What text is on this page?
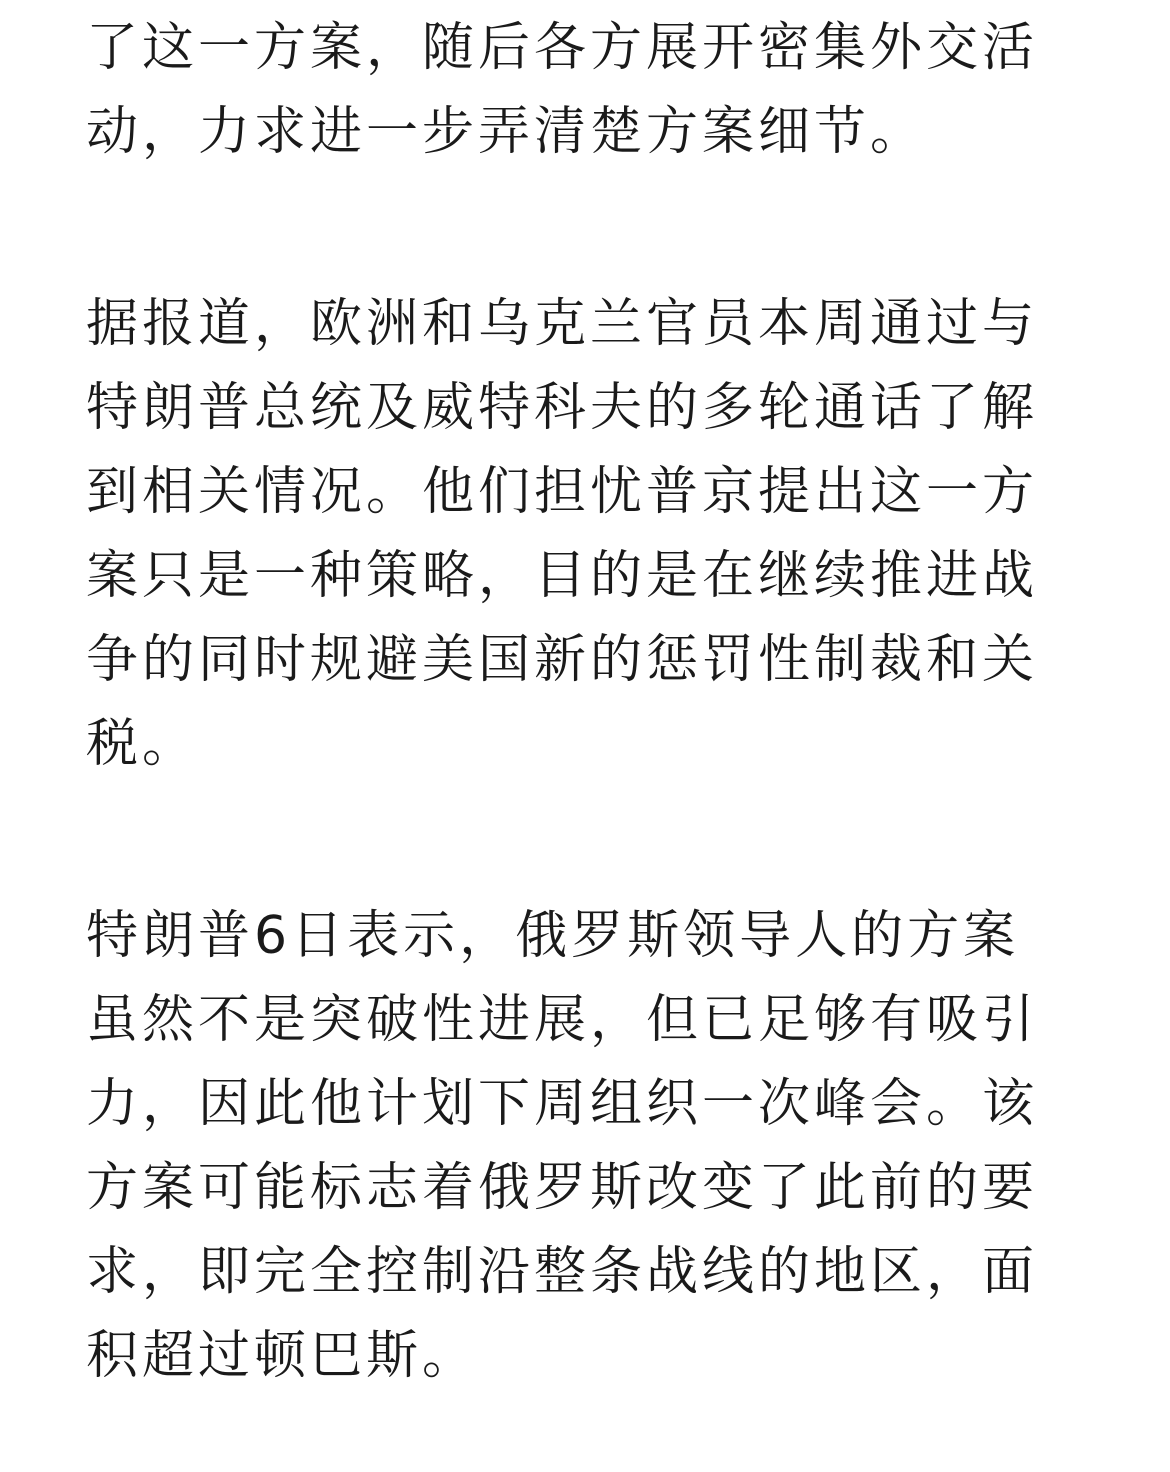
了这一方案，随后各方展开密集外交活
动，力求进一步弄清楚方案细节。
据报道，欧洲和乌克兰官员本周通过与
特朗普总统及威特科夫的多轮通话了解
到相关情况。他们担忧普京提出这一方
案只是一种策略，目的是在继续推进战
争的同时规避美国新的惩罚性制裁和关
税。
特朗普6日表示，俄罗斯领导人的方案
虽然不是突破性进展，但已足够有吸引
力，因此他计划下周组织一次峰会。该
方案可能标志着俄罗斯改变了此前的要
求，即完全控制沿整条战线的地区，面
积超过顿巴斯。
